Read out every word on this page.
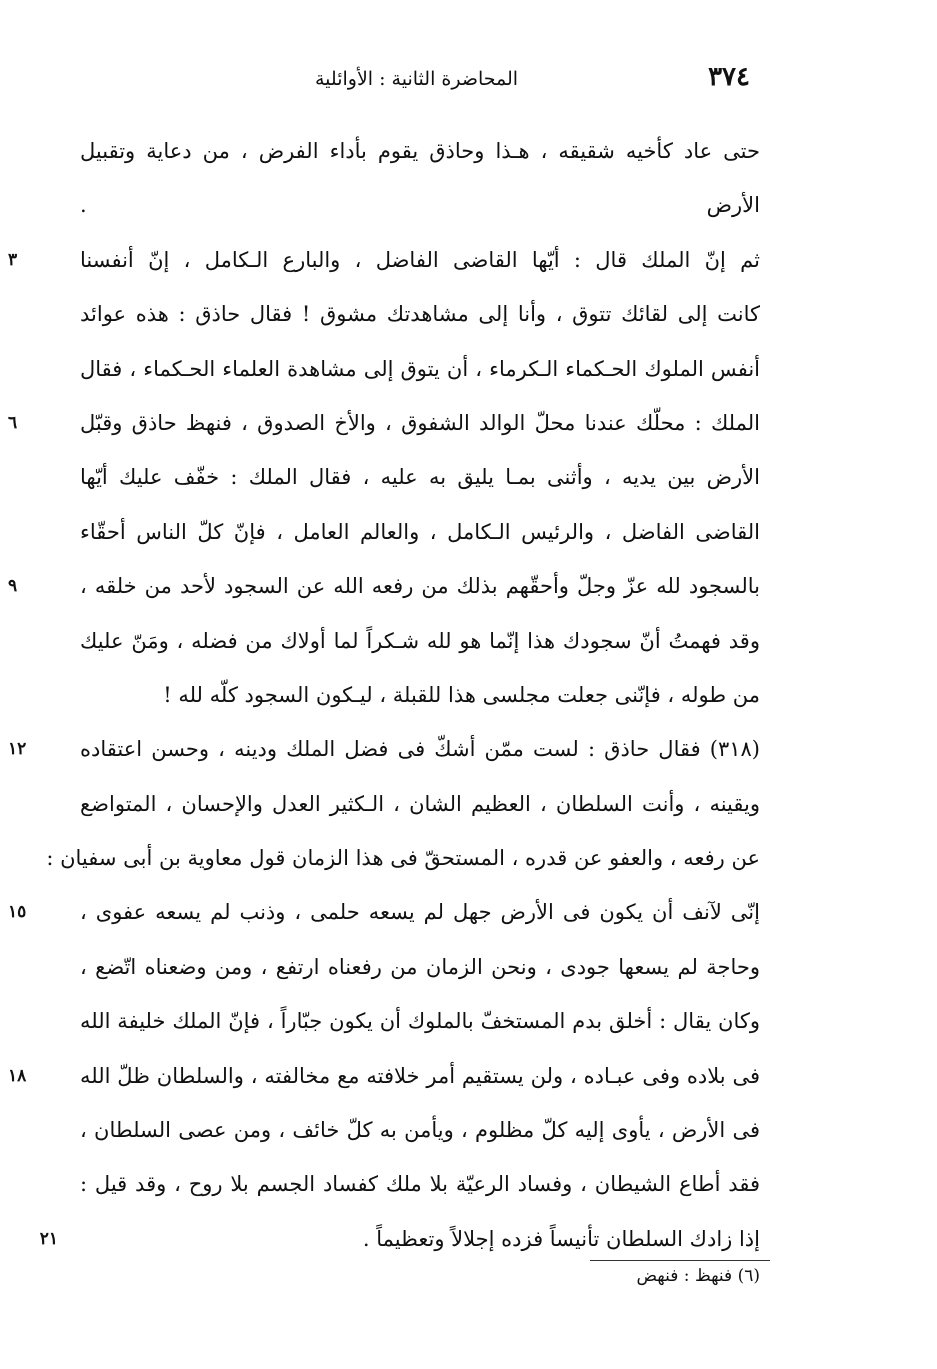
٣٧٤
المحاضرة الثانية : الأوائلية
حتى عاد كأخيه شقيقه ، هـذا وحاذق يقوم بأداء الفرض ، من دعاية وتقبيل
الأرض .
ثم إنّ الملك قال : أيّها القاضى الفاضل ، والبارع الـكامل ، إنّ أنفسنا
٣
كانت إلى لقائك تتوق ، وأنا إلى مشاهدتك مشوق ! فقال حاذق : هذه عوائد
أنفس الملوك الحـكماء الـكرماء ، أن يتوق إلى مشاهدة العلماء الحـكماء ، فقال
الملك : محلّك عندنا محلّ الوالد الشفوق ، والأخ الصدوق ، فنهظ حاذق وقبّل
٦
الأرض بين يديه ، وأثنى بمـا يليق به عليه ، فقال الملك : خفّف عليك أيّها
القاضى الفاضل ، والرئيس الـكامل ، والعالم العامل ، فإنّ كلّ الناس أحقّاء
بالسجود لله عزّ وجلّ وأحقّهم بذلك من رفعه الله عن السجود لأحد من خلقه ،
٩
وقد فهمتُ أنّ سجودك هذا إنّما هو لله شـكراً لما أولاك من فضله ، ومَنّ عليك
من طوله ، فإنّنى جعلت مجلسى هذا للقبلة ، ليـكون السجود كلّه لله !
(٣١٨) فقال حاذق : لست ممّن أشكّ فى فضل الملك ودينه ، وحسن اعتقاده
١٢
ويقينه ، وأنت السلطان ، العظيم الشان ، الـكثير العدل والإحسان ، المتواضع
عن رفعه ، والعفو عن قدره ، المستحقّ فى هذا الزمان قول معاوية بن أبى سفيان :
إنّى لآنف أن يكون فى الأرض جهل لم يسعه حلمى ، وذنب لم يسعه عفوى ،
١٥
وحاجة لم يسعها جودى ، ونحن الزمان من رفعناه ارتفع ، ومن وضعناه اتّضع ،
وكان يقال : أخلق بدم المستخفّ بالملوك أن يكون جبّاراً ، فإنّ الملك خليفة الله
فى بلاده وفى عبـاده ، ولن يستقيم أمر خلافته مع مخالفته ، والسلطان ظلّ الله
١٨
فى الأرض ، يأوى إليه كلّ مظلوم ، ويأمن به كلّ خائف ، ومن عصى السلطان ،
فقد أطاع الشيطان ، وفساد الرعيّة بلا ملك كفساد الجسم بلا روح ، وقد قيل :
إذا زادك السلطان تأنيساً فزده إجلالاً وتعظيماً .
٢١
(٦) فنهظ : فنهض
